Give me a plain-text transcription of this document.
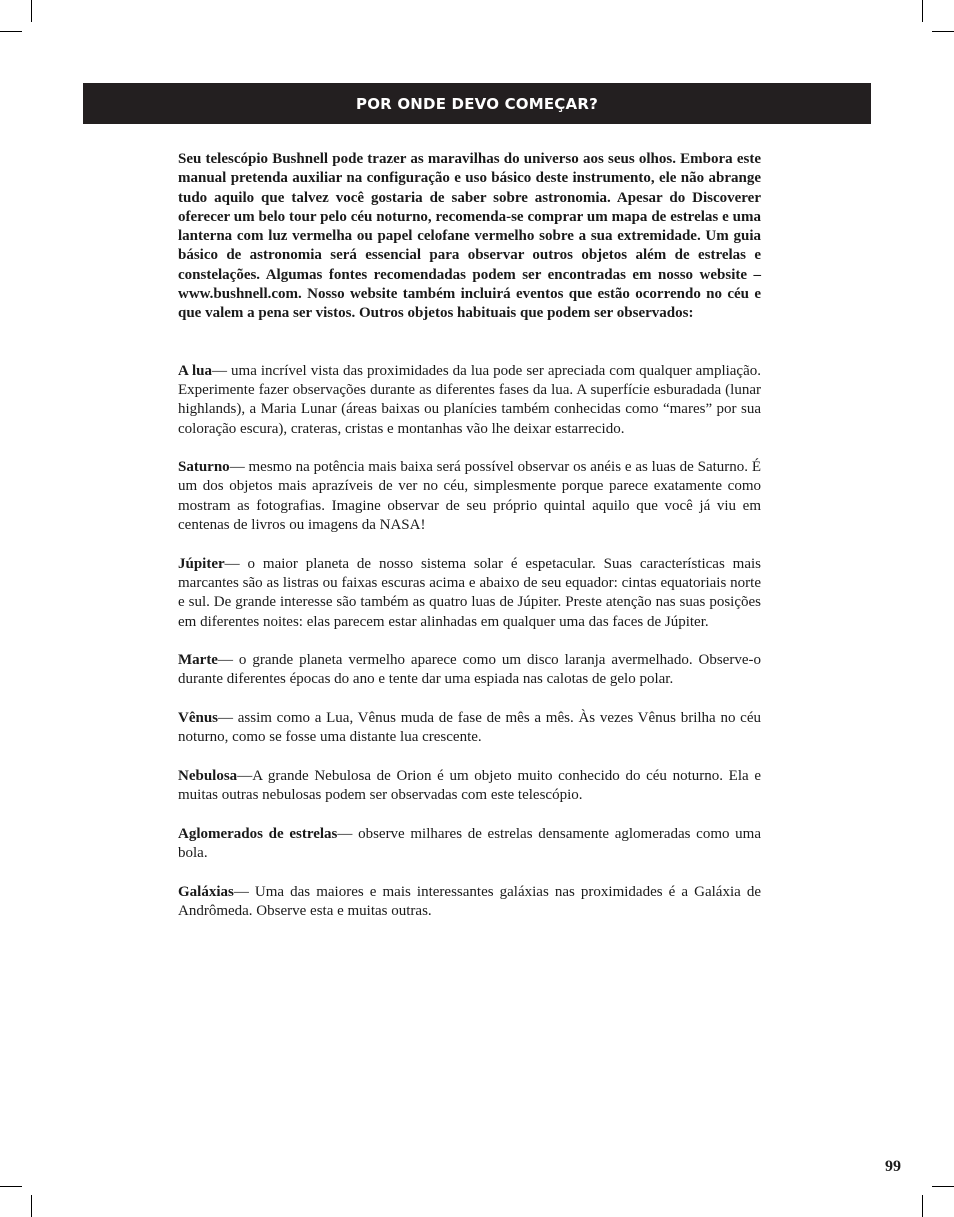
POR ONDE DEVO COMEÇAR?

Seu telescópio Bushnell pode trazer as maravilhas do universo aos seus olhos. Embora este manual pretenda auxiliar na configuração e uso básico deste instrumento, ele não abrange tudo aquilo que talvez você gostaria de saber sobre astronomia. Apesar do Discoverer oferecer um belo tour pelo céu noturno, recomenda-se comprar um mapa de estrelas e uma lanterna com luz vermelha ou papel celofane vermelho sobre a sua extremidade. Um guia básico de astronomia será essencial para observar outros objetos além de estrelas e constelações. Algumas fontes recomendadas podem ser encontradas em nosso website – www.bushnell.com. Nosso website também incluirá eventos que estão ocorrendo no céu e que valem a pena ser vistos. Outros objetos habituais que podem ser observados:

A lua— uma incrível vista das proximidades da lua pode ser apreciada com qualquer ampliação. Experimente fazer observações durante as diferentes fases da lua. A superfície esburadada (lunar highlands), a Maria Lunar (áreas baixas ou planícies também conhecidas como “mares” por sua coloração escura), crateras, cristas e montanhas vão lhe deixar estarrecido.

Saturno— mesmo na potência mais baixa será possível observar os anéis e as luas de Saturno. É um dos objetos mais aprazíveis de ver no céu, simplesmente porque parece exatamente como mostram as fotografias. Imagine observar de seu próprio quintal aquilo que você já viu em centenas de livros ou imagens da NASA!

Júpiter— o maior planeta de nosso sistema solar é espetacular. Suas características mais marcantes são as listras ou faixas escuras acima e abaixo de seu equador: cintas equatoriais norte e sul. De grande interesse são também as quatro luas de Júpiter. Preste atenção nas suas posições em diferentes noites: elas parecem estar alinhadas em qualquer uma das faces de Júpiter.

Marte— o grande planeta vermelho aparece como um disco laranja avermelhado. Observe-o durante diferentes épocas do ano e tente dar uma espiada nas calotas de gelo polar.

Vênus— assim como a Lua, Vênus muda de fase de mês a mês. Às vezes Vênus brilha no céu noturno, como se fosse uma distante lua crescente.

Nebulosa—A grande Nebulosa de Orion é um objeto muito conhecido do céu noturno. Ela e muitas outras nebulosas podem ser observadas com este telescópio.

Aglomerados de estrelas— observe milhares de estrelas densamente aglomeradas como uma bola.

Galáxias— Uma das maiores e mais interessantes galáxias nas proximidades é a Galáxia de Andrômeda. Observe esta e muitas outras.

99
